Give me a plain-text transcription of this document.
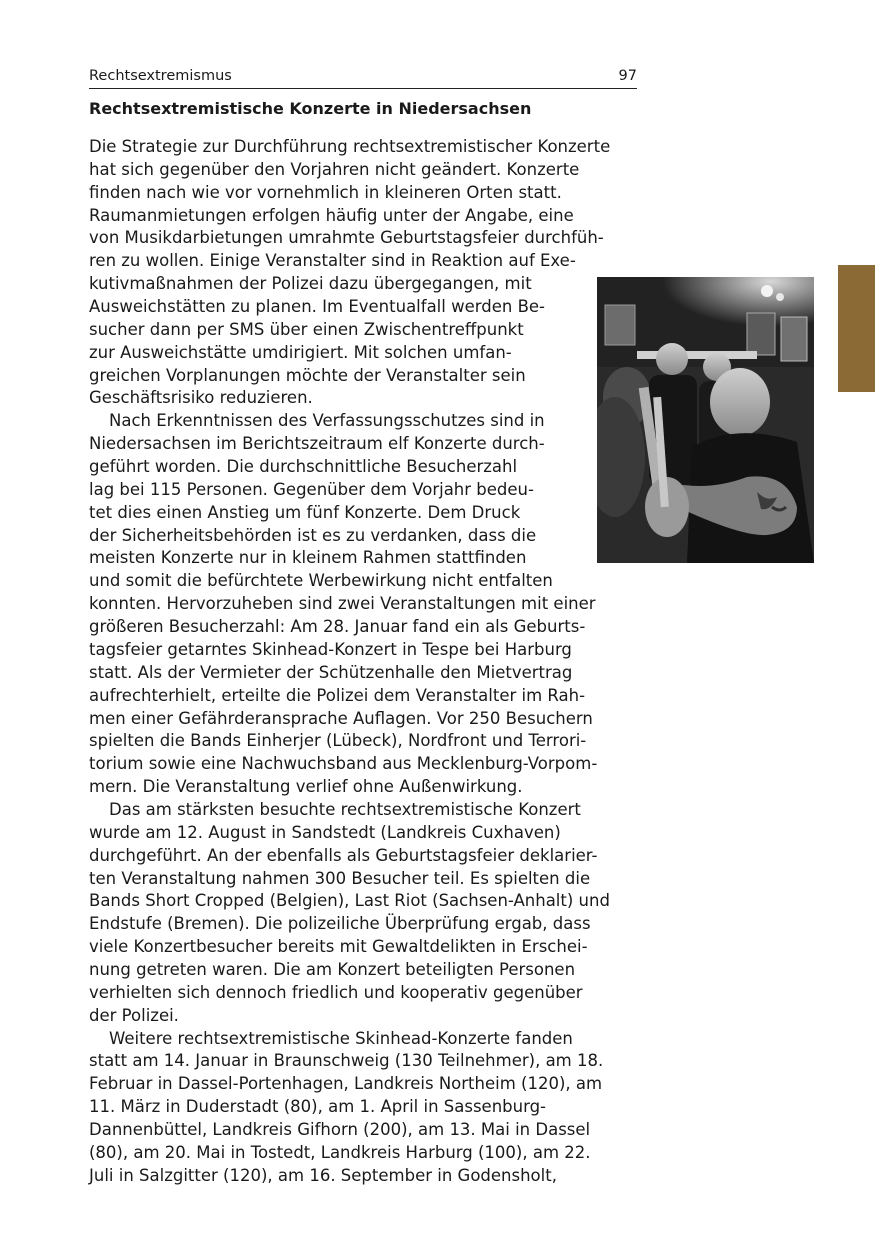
Rechtsextremismus	97
Rechtsextremistische Konzerte in Niedersachsen
Die Strategie zur Durchführung rechtsextremistischer Konzerte
hat sich gegenüber den Vorjahren nicht geändert. Konzerte
finden nach wie vor vornehmlich in kleineren Orten statt.
Raumanmietungen erfolgen häufig unter der Angabe, eine
von Musikdarbietungen umrahmte Geburtstagsfeier durchfüh-
ren zu wollen. Einige Veranstalter sind in Reaktion auf Exe-
kutivmaßnahmen der Polizei dazu übergegangen, mit
Ausweichstätten zu planen. Im Eventualfall werden Be-
sucher dann per SMS über einen Zwischentreffpunkt
zur Ausweichstätte umdirigiert. Mit solchen umfan-
greichen Vorplanungen möchte der Veranstalter sein
Geschäftsrisiko reduzieren.
Nach Erkenntnissen des Verfassungsschutzes sind in
Niedersachsen im Berichtszeitraum elf Konzerte durch-
geführt worden. Die durchschnittliche Besucherzahl
lag bei 115 Personen. Gegenüber dem Vorjahr bedeu-
tet dies einen Anstieg um fünf Konzerte. Dem Druck
der Sicherheitsbehörden ist es zu verdanken, dass die
meisten Konzerte nur in kleinem Rahmen stattfinden
und somit die befürchtete Werbewirkung nicht entfalten
konnten. Hervorzuheben sind zwei Veranstaltungen mit einer
größeren Besucherzahl: Am 28. Januar fand ein als Geburts-
tagsfeier getarntes Skinhead-Konzert in Tespe bei Harburg
statt. Als der Vermieter der Schützenhalle den Mietvertrag
aufrechterhielt, erteilte die Polizei dem Veranstalter im Rah-
men einer Gefährderansprache Auflagen. Vor 250 Besuchern
spielten die Bands Einherjer (Lübeck), Nordfront und Terrori-
torium sowie eine Nachwuchsband aus Mecklenburg-Vorpom-
mern. Die Veranstaltung verlief ohne Außenwirkung.
Das am stärksten besuchte rechtsextremistische Konzert
wurde am 12. August in Sandstedt (Landkreis Cuxhaven)
durchgeführt. An der ebenfalls als Geburtstagsfeier deklarier-
ten Veranstaltung nahmen 300 Besucher teil. Es spielten die
Bands Short Cropped (Belgien), Last Riot (Sachsen-Anhalt) und
Endstufe (Bremen). Die polizeiliche Überprüfung ergab, dass
viele Konzertbesucher bereits mit Gewaltdelikten in Erschei-
nung getreten waren. Die am Konzert beteiligten Personen
verhielten sich dennoch friedlich und kooperativ gegenüber
der Polizei.
Weitere rechtsextremistische Skinhead-Konzerte fanden
statt am 14. Januar in Braunschweig (130 Teilnehmer), am 18.
Februar in Dassel-Portenhagen, Landkreis Northeim (120), am
11. März in Duderstadt (80), am 1. April in Sassenburg-
Dannenbüttel, Landkreis Gifhorn (200), am 13. Mai in Dassel
(80), am 20. Mai in Tostedt, Landkreis Harburg (100), am 22.
Juli in Salzgitter (120), am 16. September in Godensholt,
